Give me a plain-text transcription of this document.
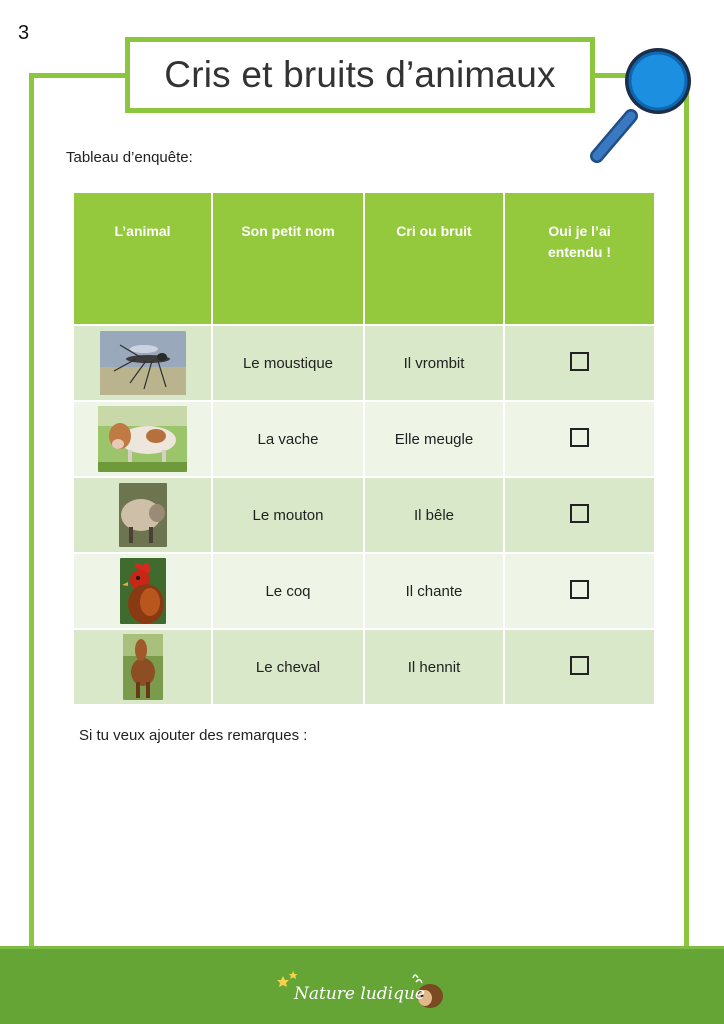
3
Cris et bruits d’animaux
Tableau d’enquête:
L’animal	Son petit nom	Cri ou bruit	Oui je l’ai entendu !

	Le moustique	Il vrombit	
	La vache	Elle meugle	
	Le mouton	Il bêle	
	Le coq	Il chante	
	Le cheval	Il hennit	
Si tu veux ajouter des remarques :
Nature ludique
